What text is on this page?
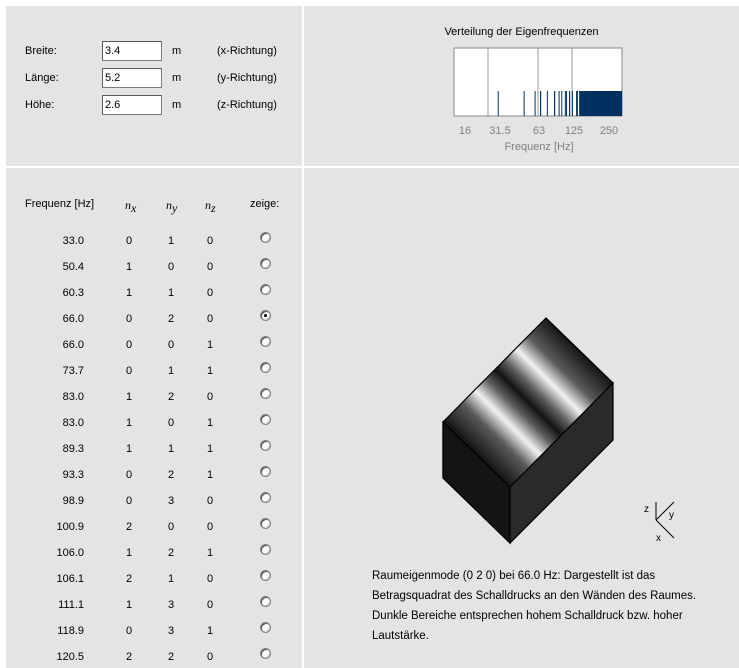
Breite:
3.4	m	(x-Richtung)
Länge:
5.2	m	(y-Richtung)
Höhe:
2.6	m	(z-Richtung)
Verteilung der Eigenfrequenzen
16 31.5 63 125 250
Frequenz [Hz]
Frequenz [Hz]	$n_x$ $n_y$ $n_z$	zeige:
33.0	0	1	0
50.4	1	0	0
60.3	1	1	0
66.0	0	2	0
66.0	0	0	1
73.7	0	1	1
83.0	1	2	0
83.0	1	0	1
89.3	1	1	1
93.3	0	2	1
98.9	0	3	0
100.9	2	0	0
106.0	1	2	1
106.1	2	1	0
111.1	1	3	0
118.9	0	3	1
120.5	2	2	0
z
y
x
Raumeigenmode (0 2 0) bei 66.0 Hz: Dargestellt ist das Betragsquadrat des Schalldrucks an den Wänden des Raumes. Dunkle Bereiche entsprechen hohem Schalldruck bzw. hoher Lautstärke.
